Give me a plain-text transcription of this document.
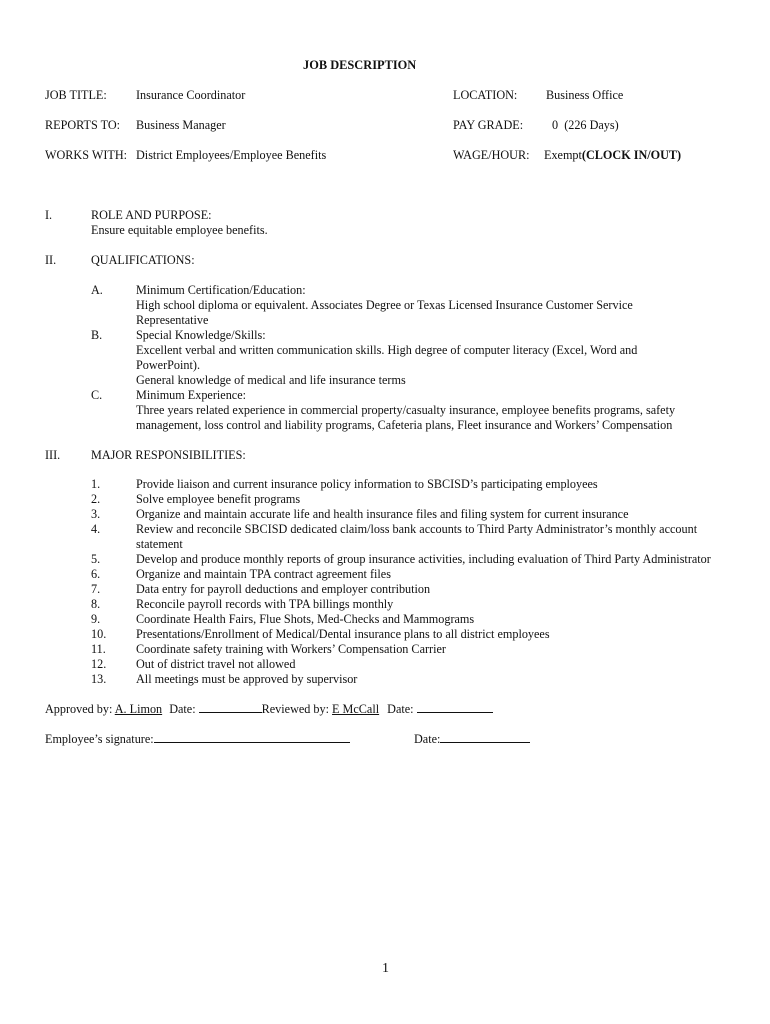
JOB DESCRIPTION
JOB TITLE: Insurance Coordinator	LOCATION: Business Office
REPORTS TO: Business Manager	PAY GRADE: 0  (226 Days)
WORKS WITH: District Employees/Employee Benefits	WAGE/HOUR: Exempt(CLOCK IN/OUT)
I.	ROLE AND PURPOSE:
Ensure equitable employee benefits.
II.	QUALIFICATIONS:
A.	Minimum Certification/Education:
High school diploma or equivalent. Associates Degree or Texas Licensed Insurance Customer Service Representative
B.	Special Knowledge/Skills:
Excellent verbal and written communication skills. High degree of computer literacy (Excel, Word and PowerPoint).
General knowledge of medical and life insurance terms
C.	Minimum Experience:
Three years related experience in commercial property/casualty insurance, employee benefits programs, safety management, loss control and liability programs, Cafeteria plans, Fleet insurance and Workers’ Compensation
III.	MAJOR RESPONSIBILITIES:
1.	Provide liaison and current insurance policy information to SBCISD’s participating employees
2.	Solve employee benefit programs
3.	Organize and maintain accurate life and health insurance files and filing system for current insurance
4.	Review and reconcile SBCISD dedicated claim/loss bank accounts to Third Party Administrator’s monthly account statement
5.	Develop and produce monthly reports of group insurance activities, including evaluation of Third Party Administrator
6.	Organize and maintain TPA contract agreement files
7.	Data entry for payroll deductions and employer contribution
8.	Reconcile payroll records with TPA billings monthly
9.	Coordinate Health Fairs, Flue Shots, Med-Checks and Mammograms
10. Presentations/Enrollment of Medical/Dental insurance plans to all district employees
11. Coordinate safety training with Workers’ Compensation Carrier
12. Out of district travel not allowed
13. All meetings must be approved by supervisor
Approved by: A. Limon Date:	Reviewed by: E McCall Date:
Employee’s signature:	Date:
1
